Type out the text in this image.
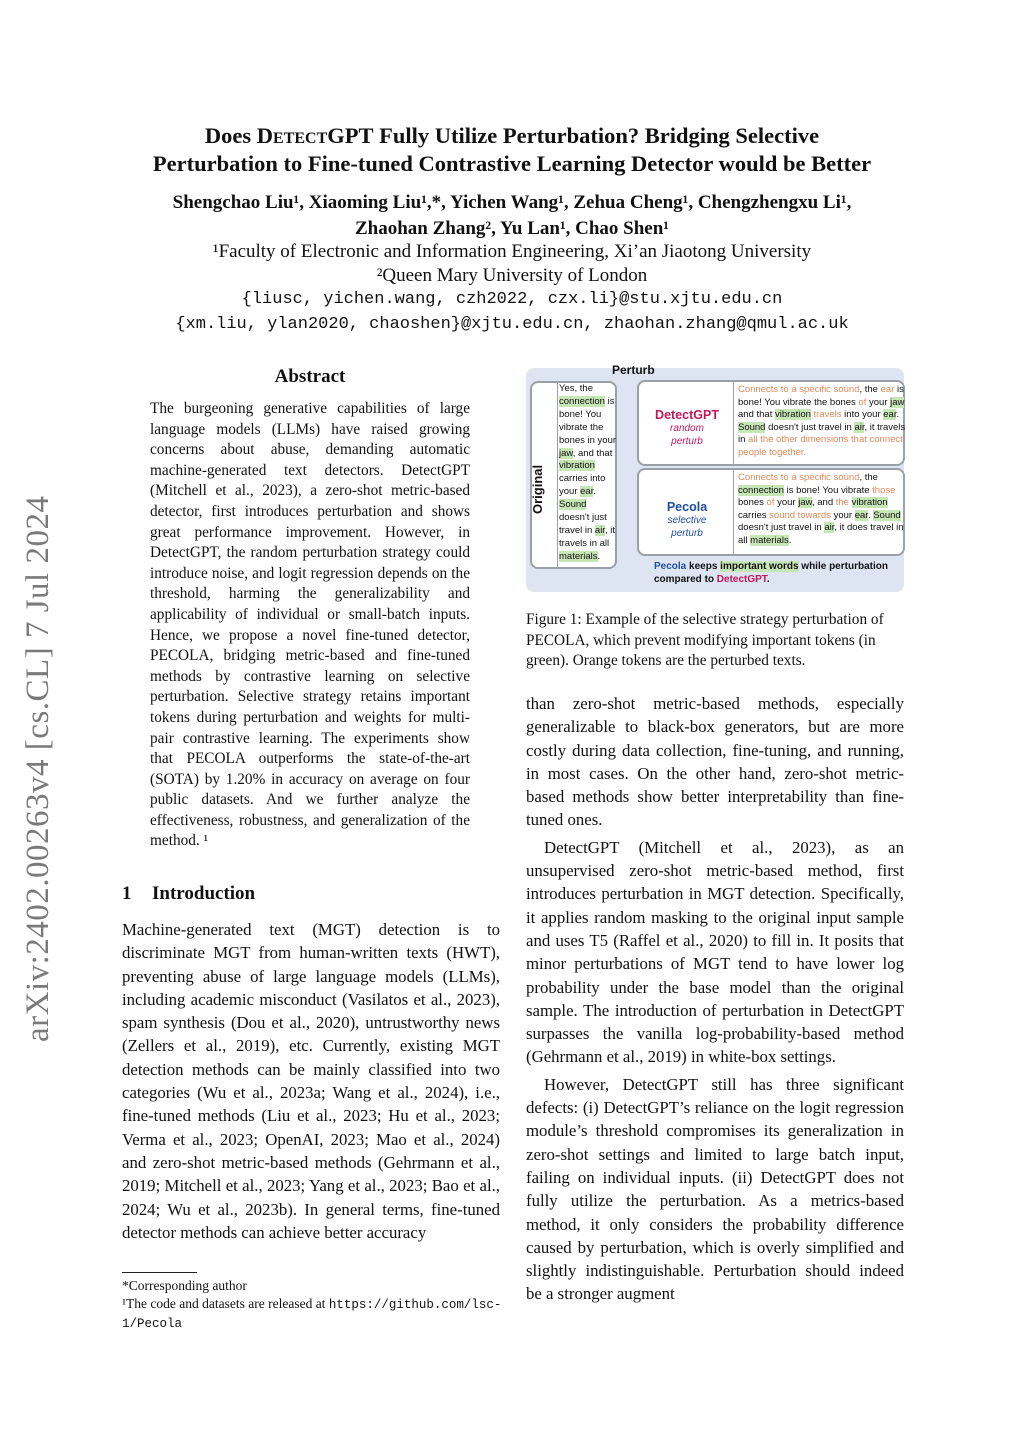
arXiv:2402.00263v4 [cs.CL] 7 Jul 2024
Does DetectGPT Fully Utilize Perturbation? Bridging Selective
Perturbation to Fine-tuned Contrastive Learning Detector would be Better
Shengchao Liu¹, Xiaoming Liu¹,*, Yichen Wang¹, Zehua Cheng¹, Chengzhengxu Li¹,
Zhaohan Zhang², Yu Lan¹, Chao Shen¹
¹Faculty of Electronic and Information Engineering, Xi’an Jiaotong University
²Queen Mary University of London
{liusc, yichen.wang, czh2022, czx.li}@stu.xjtu.edu.cn
{xm.liu, ylan2020, chaoshen}@xjtu.edu.cn, zhaohan.zhang@qmul.ac.uk
Abstract
The burgeoning generative capabilities of large language models (LLMs) have raised growing concerns about abuse, demanding automatic machine-generated text detectors. DetectGPT (Mitchell et al., 2023), a zero-shot metric-based detector, first introduces perturbation and shows great performance improvement. However, in DetectGPT, the random perturbation strategy could introduce noise, and logit regression depends on the threshold, harming the generalizability and applicability of individual or small-batch inputs. Hence, we propose a novel fine-tuned detector, PECOLA, bridging metric-based and fine-tuned methods by contrastive learning on selective perturbation. Selective strategy retains important tokens during perturbation and weights for multi-pair contrastive learning. The experiments show that PECOLA outperforms the state-of-the-art (SOTA) by 1.20% in accuracy on average on four public datasets. And we further analyze the effectiveness, robustness, and generalization of the method. ¹
1 Introduction
Machine-generated text (MGT) detection is to discriminate MGT from human-written texts (HWT), preventing abuse of large language models (LLMs), including academic misconduct (Vasilatos et al., 2023), spam synthesis (Dou et al., 2020), untrustworthy news (Zellers et al., 2019), etc. Currently, existing MGT detection methods can be mainly classified into two categories (Wu et al., 2023a; Wang et al., 2024), i.e., fine-tuned methods (Liu et al., 2023; Hu et al., 2023; Verma et al., 2023; OpenAI, 2023; Mao et al., 2024) and zero-shot metric-based methods (Gehrmann et al., 2019; Mitchell et al., 2023; Yang et al., 2023; Bao et al., 2024; Wu et al., 2023b). In general terms, fine-tuned detector methods can achieve better accuracy
*Corresponding author
¹The code and datasets are released at https://github.com/lsc-1/Pecola
Perturb
Original
Yes, the connection is bone! You vibrate the bones in your jaw, and that vibration carries into your ear. Sound doesn't just travel in air, it travels in all materials.
DetectGPT
random
perturb
Connects to a specific sound, the ear is bone! You vibrate the bones of your jaw and that vibration travels into your ear. Sound doesn't just travel in air, it travels in all the other dimensions that connect people together.
Pecola
selective
perturb
Connects to a specific sound, the connection is bone! You vibrate those bones of your jaw, and the vibration carries sound towards your ear. Sound doesn't just travel in air, it does travel in all materials.
Pecola keeps important words while perturbation compared to DetectGPT.
Figure 1: Example of the selective strategy perturbation of PECOLA, which prevent modifying important tokens (in green). Orange tokens are the perturbed texts.

than zero-shot metric-based methods, especially generalizable to black-box generators, but are more costly during data collection, fine-tuning, and running, in most cases. On the other hand, zero-shot metric-based methods show better interpretability than fine-tuned ones.

DetectGPT (Mitchell et al., 2023), as an unsupervised zero-shot metric-based method, first introduces perturbation in MGT detection. Specifically, it applies random masking to the original input sample and uses T5 (Raffel et al., 2020) to fill in. It posits that minor perturbations of MGT tend to have lower log probability under the base model than the original sample. The introduction of perturbation in DetectGPT surpasses the vanilla log-probability-based method (Gehrmann et al., 2019) in white-box settings.

However, DetectGPT still has three significant defects: (i) DetectGPT’s reliance on the logit regression module’s threshold compromises its generalization in zero-shot settings and limited to large batch input, failing on individual inputs. (ii) DetectGPT does not fully utilize the perturbation. As a metrics-based method, it only considers the probability difference caused by perturbation, which is overly simplified and slightly indistinguishable. Perturbation should indeed be a stronger augment
